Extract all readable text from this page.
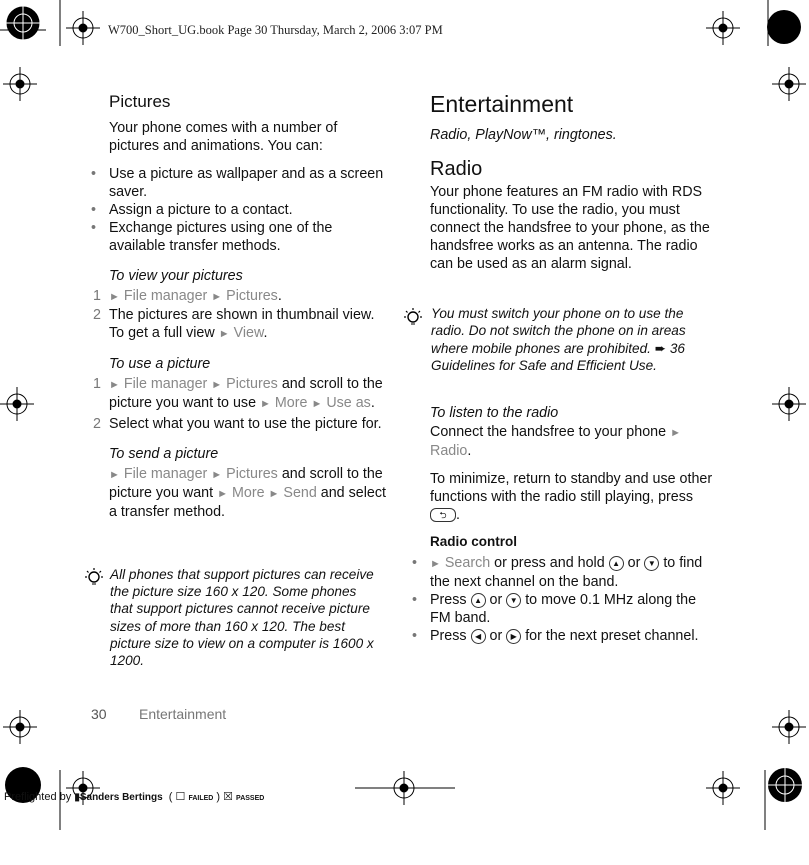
W700_Short_UG.book Page 30 Thursday, March 2, 2006 3:07 PM
Pictures

Your phone comes with a number of pictures and animations. You can:

• Use a picture as wallpaper and as a screen saver.

• Assign a picture to a contact.

• Exchange pictures using one of the available transfer methods.

To view your pictures

1 ► File manager ► Pictures.

2 The pictures are shown in thumbnail view. To get a full view ► View.

To use a picture

1 ► File manager ► Pictures and scroll to the picture you want to use ► More ► Use as.

2 Select what you want to use the picture for.

To send a picture

► File manager ► Pictures and scroll to the picture you want ► More ► Send and select a transfer method.

All phones that support pictures can receive the picture size 160 x 120. Some phones that support pictures cannot receive picture sizes of more than 160 x 120. The best picture size to view on a computer is 1600 x 1200.

Entertainment

Radio, PlayNow™, ringtones.

Radio

Your phone features an FM radio with RDS functionality. To use the radio, you must connect the handsfree to your phone, as the handsfree works as an antenna. The radio can be used as an alarm signal.

You must switch your phone on to use the radio. Do not switch the phone on in areas where mobile phones are prohibited. ➨ 36 Guidelines for Safe and Efficient Use.

To listen to the radio

Connect the handsfree to your phone ► Radio.

To minimize, return to standby and use other functions with the radio still playing, press ⮌ .

Radio control

• ► Search or press and hold ▲ or ▼ to find the next channel on the band.

• Press ▲ or ▼ to move 0.1 MHz along the FM band.

• Press ◀ or ▶ for the next preset channel.

30 Entertainment
Preflighted by ▮Sanders Bertings  ( ☐ FAILED ) ☒ PASSED
